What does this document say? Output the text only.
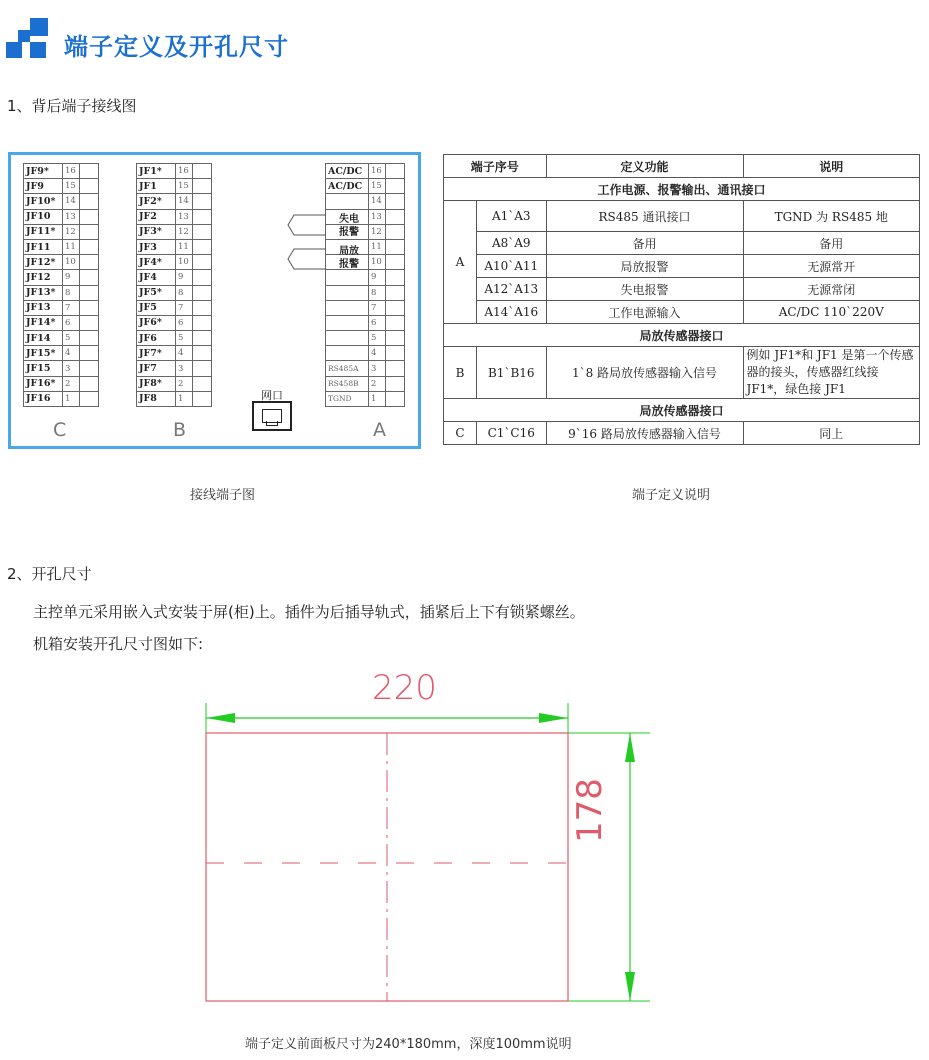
端子定义及开孔尺寸
1、背后端子接线图
JF9*	16	
JF9	15	
JF10*	14	
JF10	13	
JF11*	12	
JF11	11	
JF12*	10	
JF12	9	
JF13*	8	
JF13	7	
JF14*	6	
JF14	5	
JF15*	4	
JF15	3	
JF16*	2	
JF16	1	
JF1*	16	
JF1	15	
JF2*	14	
JF2	13	
JF3*	12	
JF3	11	
JF4*	10	
JF4	9	
JF5*	8	
JF5	7	
JF6*	6	
JF6	5	
JF7*	4	
JF7	3	
JF8*	2	
JF8	1	
AC/DC	16	
AC/DC	15	
	14	
	13	
	12	
	11	
	10	
	9	
	8	
	7	
	6	
	5	
	4	
RS485A	3	
RS458B	2	
TGND	1	
C	B	A
失电报警
局放报警
网口
端子序号		定义功能	说明
工作电源、报警输出、通讯接口			
A	A1`A3	RS485 通讯接口	TGND 为 RS485 地
	A8`A9	备用	备用
	A10`A11	局放报警	无源常开
	A12`A13	失电报警	无源常闭
	A14`A16	工作电源输入	AC/DC 110`220V
局放传感器接口			
B	B1`B16	1`8 路局放传感器输入信号	例如 JF1*和 JF1 是第一个传感器的接头，传感器红线接 JF1*，绿色接 JF1
局放传感器接口			
C	C1`C16	9`16 路局放传感器输入信号	同上
接线端子图	端子定义说明
2、开孔尺寸
主控单元采用嵌入式安装于屏(柜)上。插件为后插导轨式，插紧后上下有锁紧螺丝。
机箱安装开孔尺寸图如下:
220
178
端子定义前面板尺寸为240*180mm，深度100mm说明
